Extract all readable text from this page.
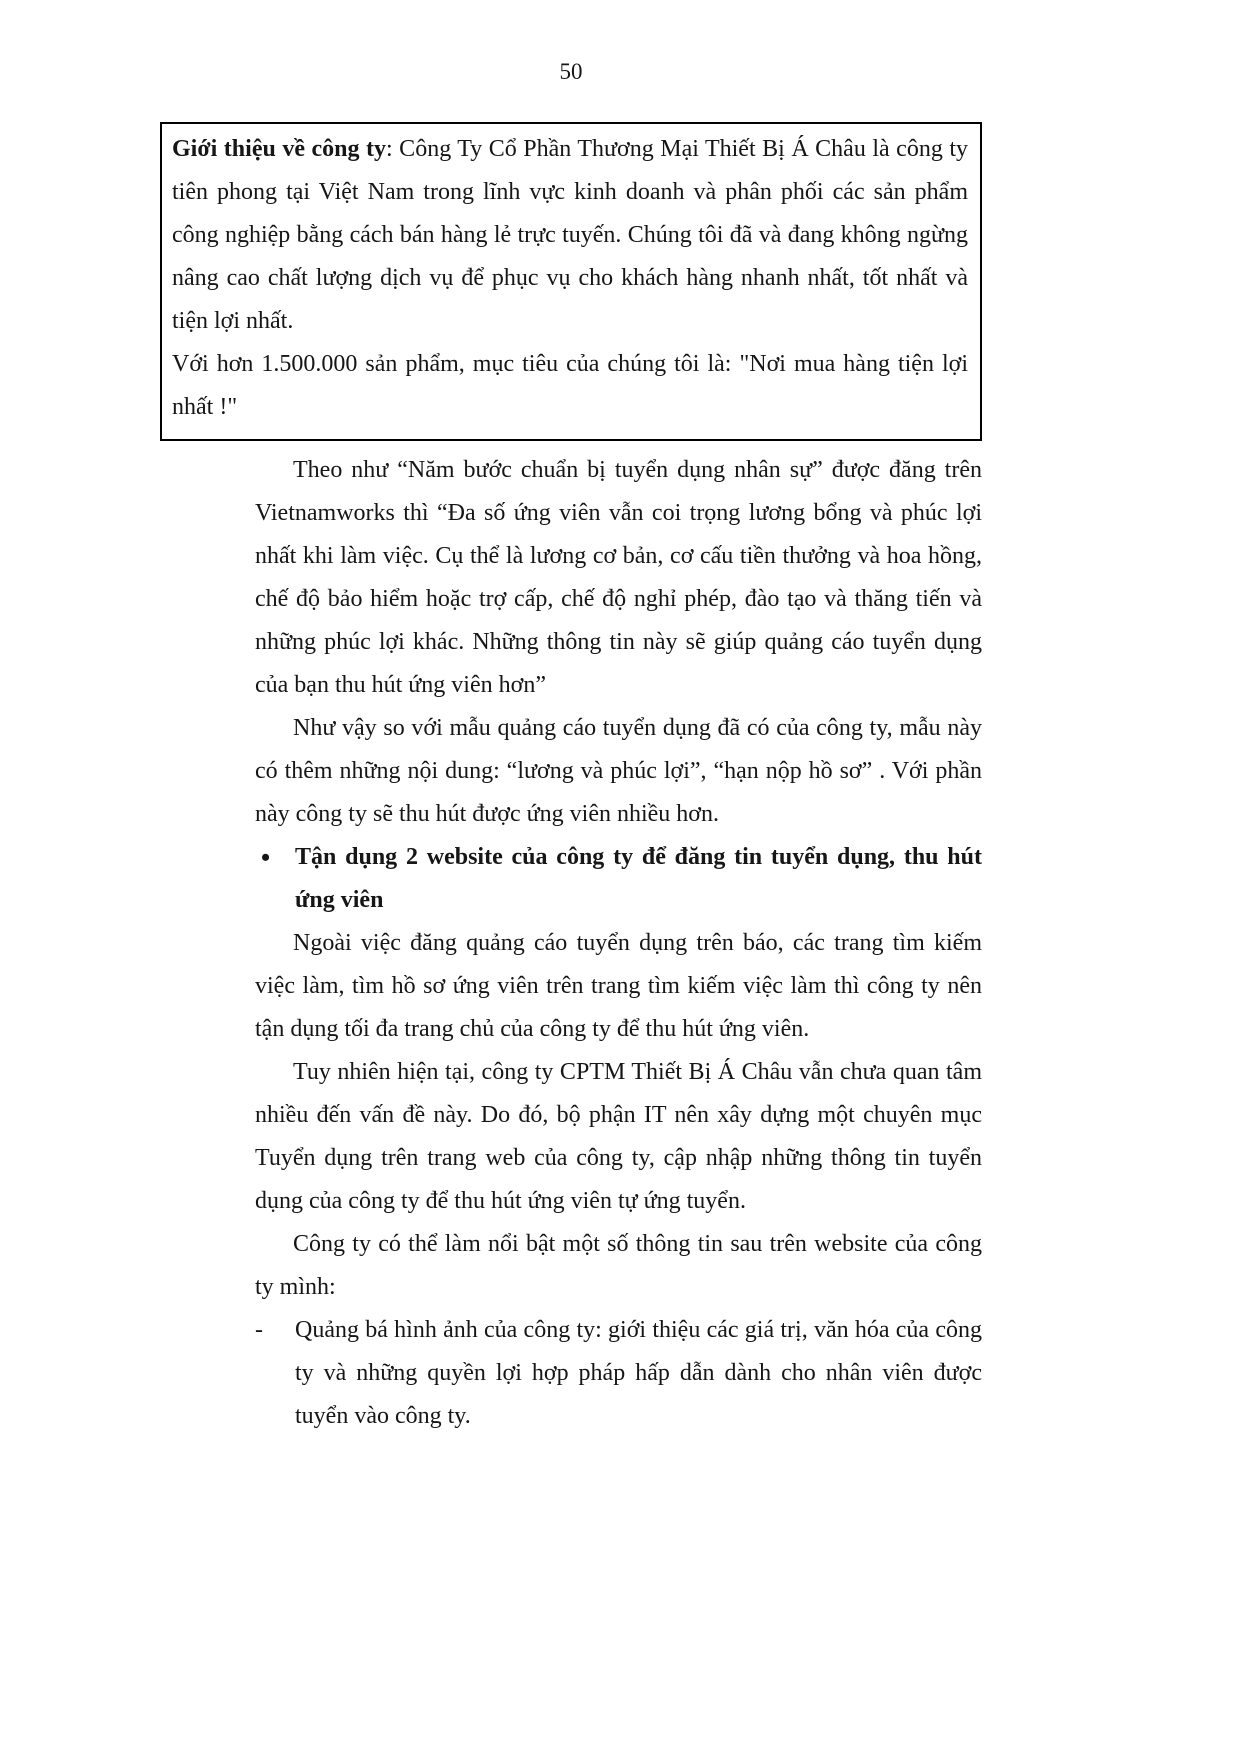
50

Giới thiệu về công ty: Công Ty Cổ Phần Thương Mại Thiết Bị Á Châu là công ty tiên phong tại Việt Nam trong lĩnh vực kinh doanh và phân phối các sản phẩm công nghiệp bằng cách bán hàng lẻ trực tuyến. Chúng tôi đã và đang không ngừng nâng cao chất lượng dịch vụ để phục vụ cho khách hàng nhanh nhất, tốt nhất và tiện lợi nhất.

Với hơn 1.500.000 sản phẩm, mục tiêu của chúng tôi là: "Nơi mua hàng tiện lợi nhất !"

Theo như “Năm bước chuẩn bị tuyển dụng nhân sự” được đăng trên Vietnamworks thì “Đa số ứng viên vẫn coi trọng lương bổng và phúc lợi nhất khi làm việc. Cụ thể là lương cơ bản, cơ cấu tiền thưởng và hoa hồng, chế độ bảo hiểm hoặc trợ cấp, chế độ nghỉ phép, đào tạo và thăng tiến và những phúc lợi khác. Những thông tin này sẽ giúp quảng cáo tuyển dụng của bạn thu hút ứng viên hơn”

Như vậy so với mẫu quảng cáo tuyển dụng đã có của công ty, mẫu này có thêm những nội dung: “lương và phúc lợi”, “hạn nộp hồ sơ” . Với phần này công ty sẽ thu hút được ứng viên nhiều hơn.

• Tận dụng 2 website của công ty để đăng tin tuyển dụng, thu hút ứng viên

Ngoài việc đăng quảng cáo tuyển dụng trên báo, các trang tìm kiếm việc làm, tìm hồ sơ ứng viên trên trang tìm kiếm việc làm thì công ty nên tận dụng tối đa trang chủ của công ty để thu hút ứng viên.

Tuy nhiên hiện tại, công ty CPTM Thiết Bị Á Châu vẫn chưa quan tâm nhiều đến vấn đề này. Do đó, bộ phận IT nên xây dựng một chuyên mục Tuyển dụng trên trang web của công ty, cập nhập những thông tin tuyển dụng của công ty để thu hút ứng viên tự ứng tuyển.

Công ty có thể làm nổi bật một số thông tin sau trên website của công ty mình:

- Quảng bá hình ảnh của công ty: giới thiệu các giá trị, văn hóa của công ty và những quyền lợi hợp pháp hấp dẫn dành cho nhân viên được tuyển vào công ty.
